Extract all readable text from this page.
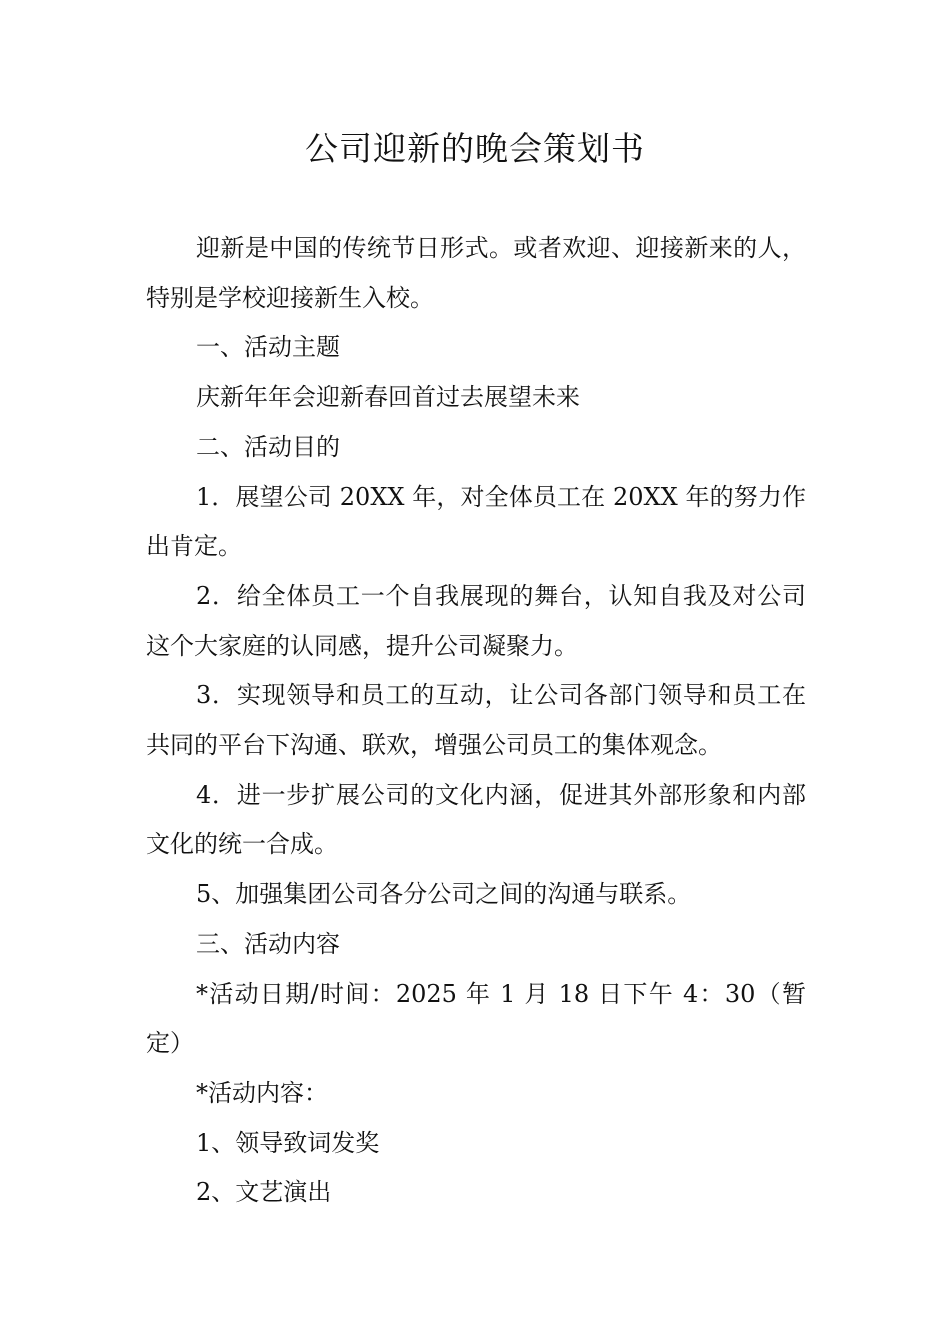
公司迎新的晚会策划书

迎新是中国的传统节日形式。或者欢迎、迎接新来的人，特别是学校迎接新生入校。

一、活动主题

庆新年年会迎新春回首过去展望未来

二、活动目的

1．展望公司 20XX 年，对全体员工在 20XX 年的努力作出肯定。

2．给全体员工一个自我展现的舞台，认知自我及对公司这个大家庭的认同感，提升公司凝聚力。

3．实现领导和员工的互动，让公司各部门领导和员工在共同的平台下沟通、联欢，增强公司员工的集体观念。

4．进一步扩展公司的文化内涵，促进其外部形象和内部文化的统一合成。

5、加强集团公司各分公司之间的沟通与联系。

三、活动内容

*活动日期/时间：2025 年 1 月 18 日下午 4：30（暂定）

*活动内容：

1、领导致词发奖

2、文艺演出
